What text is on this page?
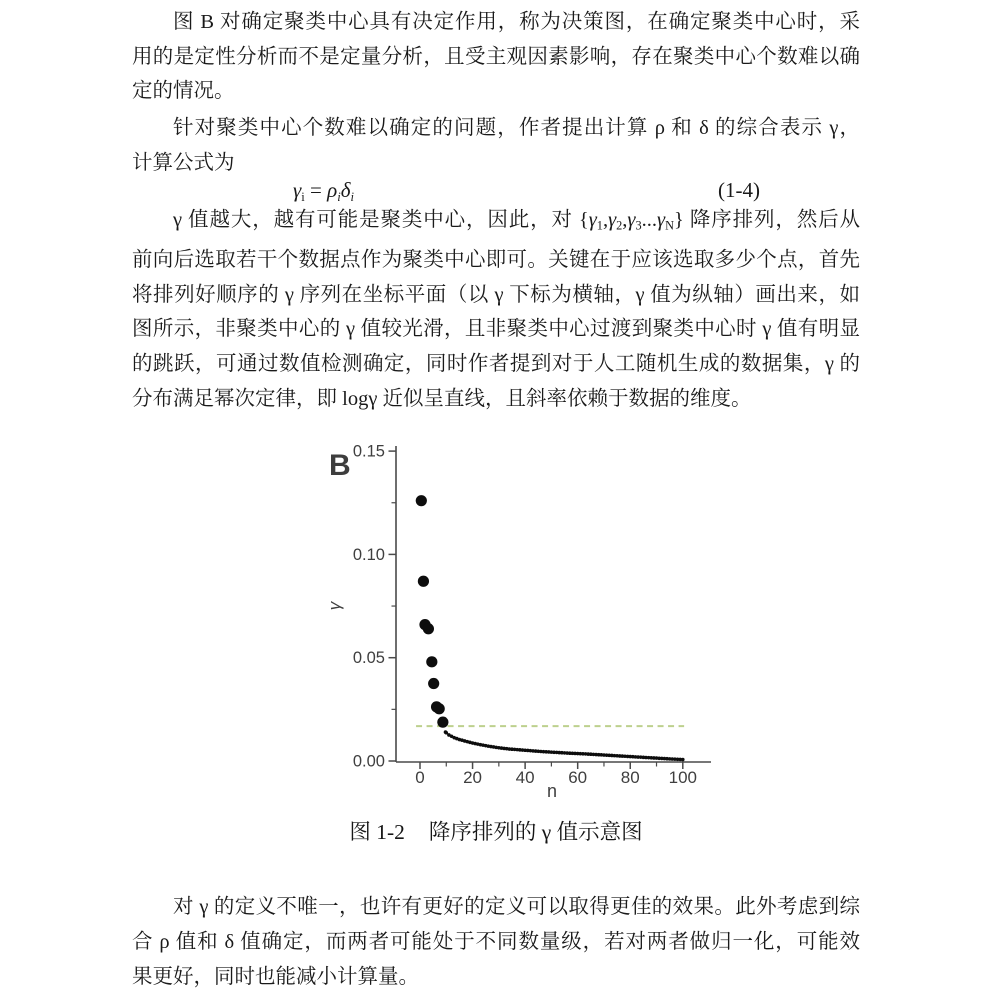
图 B 对确定聚类中心具有决定作用，称为决策图，在确定聚类中心时，采
用的是定性分析而不是定量分析，且受主观因素影响，存在聚类中心个数难以确
定的情况。
针对聚类中心个数难以确定的问题，作者提出计算 ρ 和 δ 的综合表示 γ，
计算公式为
$\gamma_i = \rho_i\delta_i$	(1-4)
γ 值越大，越有可能是聚类中心，因此，对 $\{\gamma_1,\gamma_2,\gamma_3...\gamma_N\}$ 降序排列，然后从
前向后选取若干个数据点作为聚类中心即可。关键在于应该选取多少个点，首先
将排列好顺序的 γ 序列在坐标平面（以 γ 下标为横轴，γ 值为纵轴）画出来，如
图所示，非聚类中心的 γ 值较光滑，且非聚类中心过渡到聚类中心时 γ 值有明显
的跳跃，可通过数值检测确定，同时作者提到对于人工随机生成的数据集，γ 的
分布满足幂次定律，即 logγ 近似呈直线，且斜率依赖于数据的维度。
0.00
0.05
0.10
0.15
0 20 40 60 80 100
n
γ
B
图 1-2 降序排列的 γ 值示意图
对 γ 的定义不唯一，也许有更好的定义可以取得更佳的效果。此外考虑到综
合 ρ 值和 δ 值确定，而两者可能处于不同数量级，若对两者做归一化，可能效
果更好，同时也能减小计算量。
